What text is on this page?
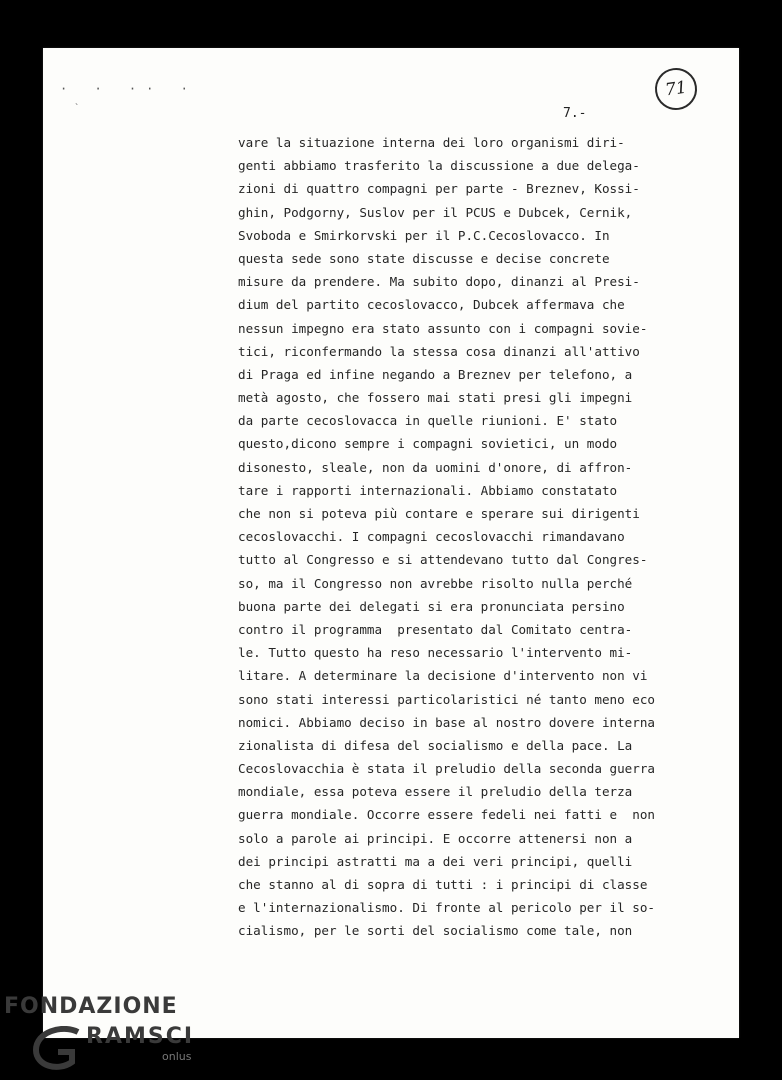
· · ·· ·
`
71
7.-
vare la situazione interna dei loro organismi diri-
genti abbiamo trasferito la discussione a due delega-
zioni di quattro compagni per parte - Breznev, Kossi-
ghin, Podgorny, Suslov per il PCUS e Dubcek, Cernik,
Svoboda e Smirkorvski per il P.C.Cecoslovacco. In
questa sede sono state discusse e decise concrete
misure da prendere. Ma subito dopo, dinanzi al Presi-
dium del partito cecoslovacco, Dubcek affermava che
nessun impegno era stato assunto con i compagni sovie-
tici, riconfermando la stessa cosa dinanzi all'attivo
di Praga ed infine negando a Breznev per telefono, a
metà agosto, che fossero mai stati presi gli impegni
da parte cecoslovacca in quelle riunioni. E' stato
questo,dicono sempre i compagni sovietici, un modo
disonesto, sleale, non da uomini d'onore, di affron-
tare i rapporti internazionali. Abbiamo constatato
che non si poteva più contare e sperare sui dirigenti
cecoslovacchi. I compagni cecoslovacchi rimandavano
tutto al Congresso e si attendevano tutto dal Congres-
so, ma il Congresso non avrebbe risolto nulla perché
buona parte dei delegati si era pronunciata persino
contro il programma  presentato dal Comitato centra-
le. Tutto questo ha reso necessario l'intervento mi-
litare. A determinare la decisione d'intervento non vi
sono stati interessi particolaristici né tanto meno eco
nomici. Abbiamo deciso in base al nostro dovere interna
zionalista di difesa del socialismo e della pace. La
Cecoslovacchia è stata il preludio della seconda guerra
mondiale, essa poteva essere il preludio della terza
guerra mondiale. Occorre essere fedeli nei fatti e  non
solo a parole ai principi. E occorre attenersi non a
dei principi astratti ma a dei veri principi, quelli
che stanno al di sopra di tutti : i principi di classe
e l'internazionalismo. Di fronte al pericolo per il so-
cialismo, per le sorti del socialismo come tale, non
FONDAZIONE
RAMSCI
onlus
